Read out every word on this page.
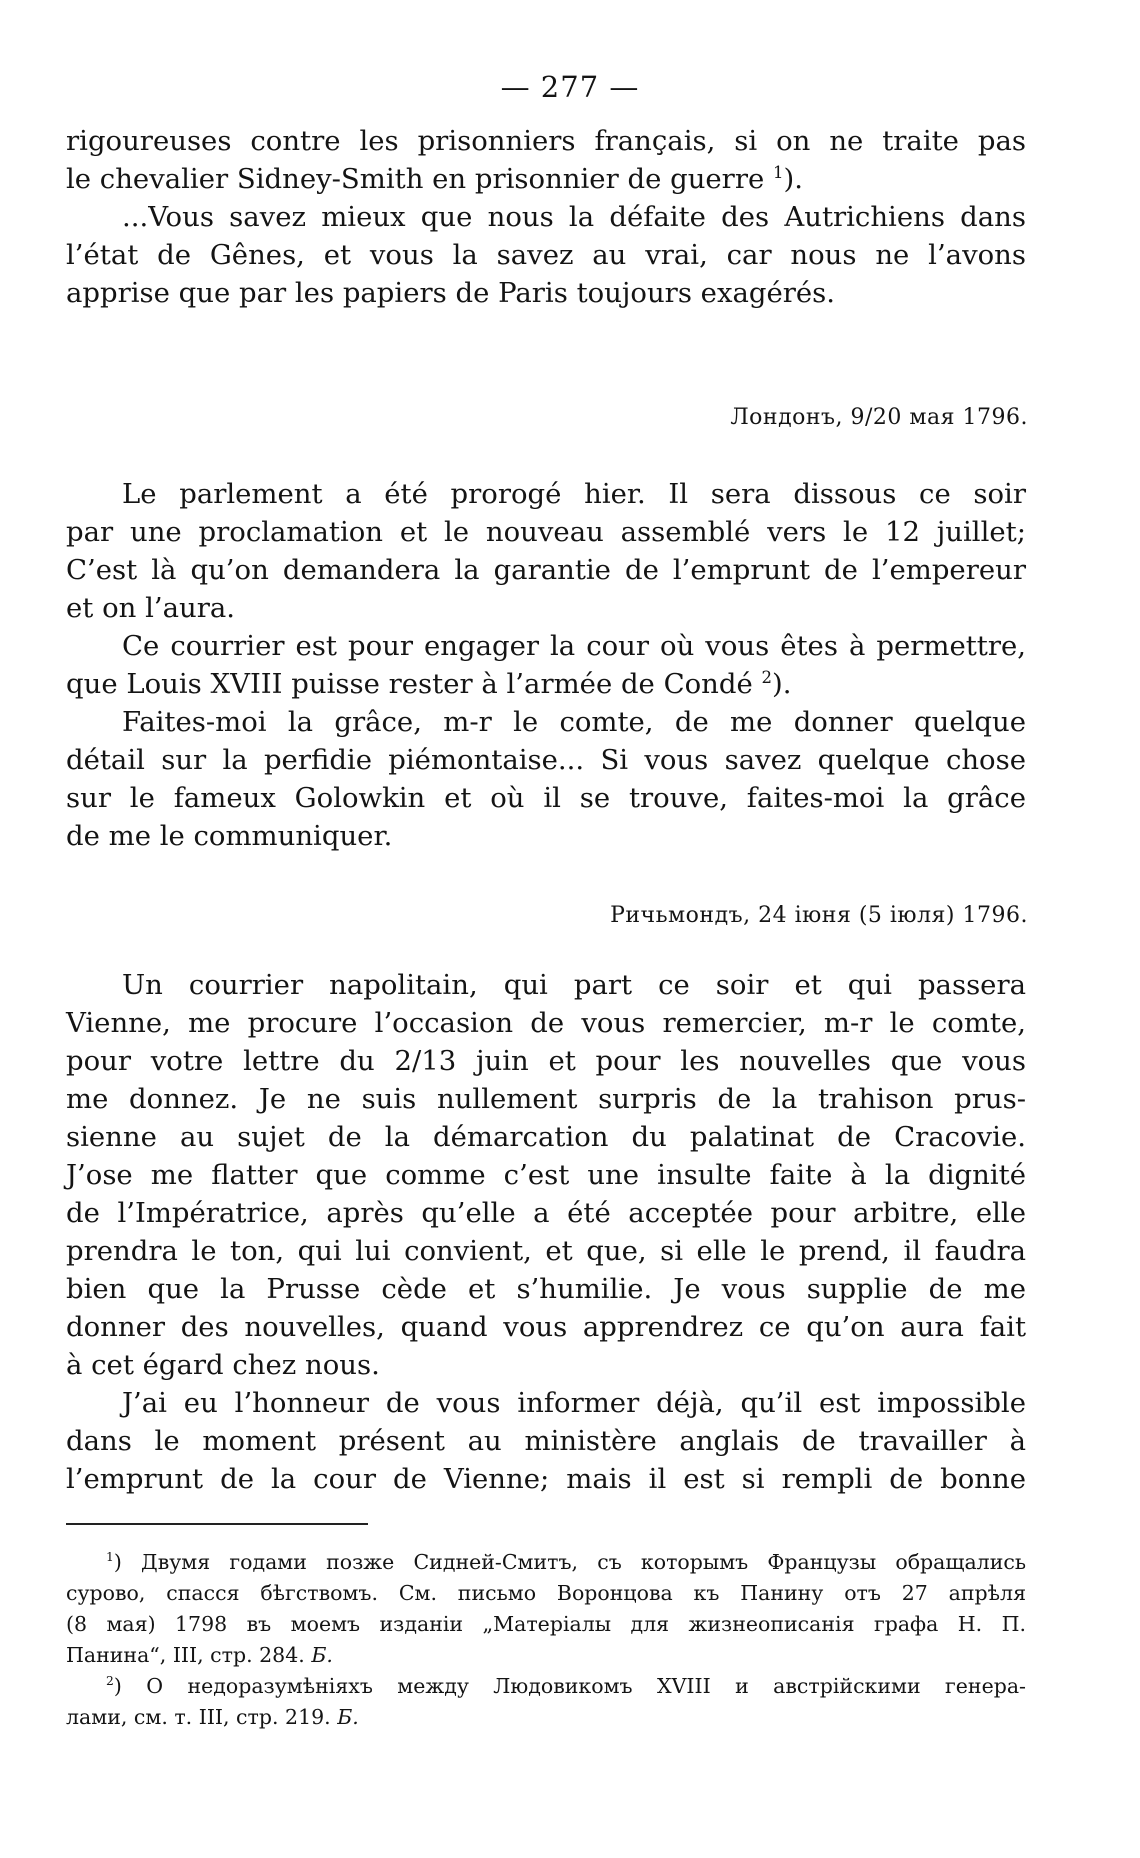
— 277 —
rigoureuses contre les prisonniers français, si on ne traite pas
le chevalier Sidney-Smith en prisonnier de guerre $^1$).
...Vous savez mieux que nous la défaite des Autrichiens dans
l’état de Gênes, et vous la savez au vrai, car nous ne l’avons
apprise que par les papiers de Paris toujours exagérés.
Лондонъ, 9/20 мая 1796.
Le parlement a été prorogé hier. Il sera dissous ce soir
par une proclamation et le nouveau assemblé vers le 12 juillet;
C’est là qu’on demandera la garantie de l’emprunt de l’empereur
et on l’aura.
Ce courrier est pour engager la cour où vous êtes à permettre,
que Louis XVIII puisse rester à l’armée de Condé $^2$).
Faites-moi la grâce, m-r le comte, de me donner quelque
détail sur la perfidie piémontaise... Si vous savez quelque chose
sur le fameux Golowkin et où il se trouve, faites-moi la grâce
de me le communiquer.
Ричьмондъ, 24 іюня (5 іюля) 1796.
Un courrier napolitain, qui part ce soir et qui passera
Vienne, me procure l’occasion de vous remercier, m-r le comte,
pour votre lettre du 2/13 juin et pour les nouvelles que vous
me donnez. Je ne suis nullement surpris de la trahison prus-
sienne au sujet de la démarcation du palatinat de Cracovie.
J’ose me flatter que comme c’est une insulte faite à la dignité
de l’Impératrice, après qu’elle a été acceptée pour arbitre, elle
prendra le ton, qui lui convient, et que, si elle le prend, il faudra
bien que la Prusse cède et s’humilie. Je vous supplie de me
donner des nouvelles, quand vous apprendrez ce qu’on aura fait
à cet égard chez nous.
J’ai eu l’honneur de vous informer déjà, qu’il est impossible
dans le moment présent au ministère anglais de travailler à
l’emprunt de la cour de Vienne; mais il est si rempli de bonne
$^1$) Двумя годами позже Сидней-Смитъ, съ которымъ Французы обращались
сурово, спасся бѣгствомъ. См. письмо Воронцова къ Панину отъ 27 апрѣля
(8 мая) 1798 въ моемъ изданіи „Матеріалы для жизнеописанія графа Н. П.
Панина“, III, стр. 284. Б.
$^2$) О недоразумѣніяхъ между Людовикомъ XVIII и австрійскими генера-
лами, см. т. III, стр. 219. Б.
